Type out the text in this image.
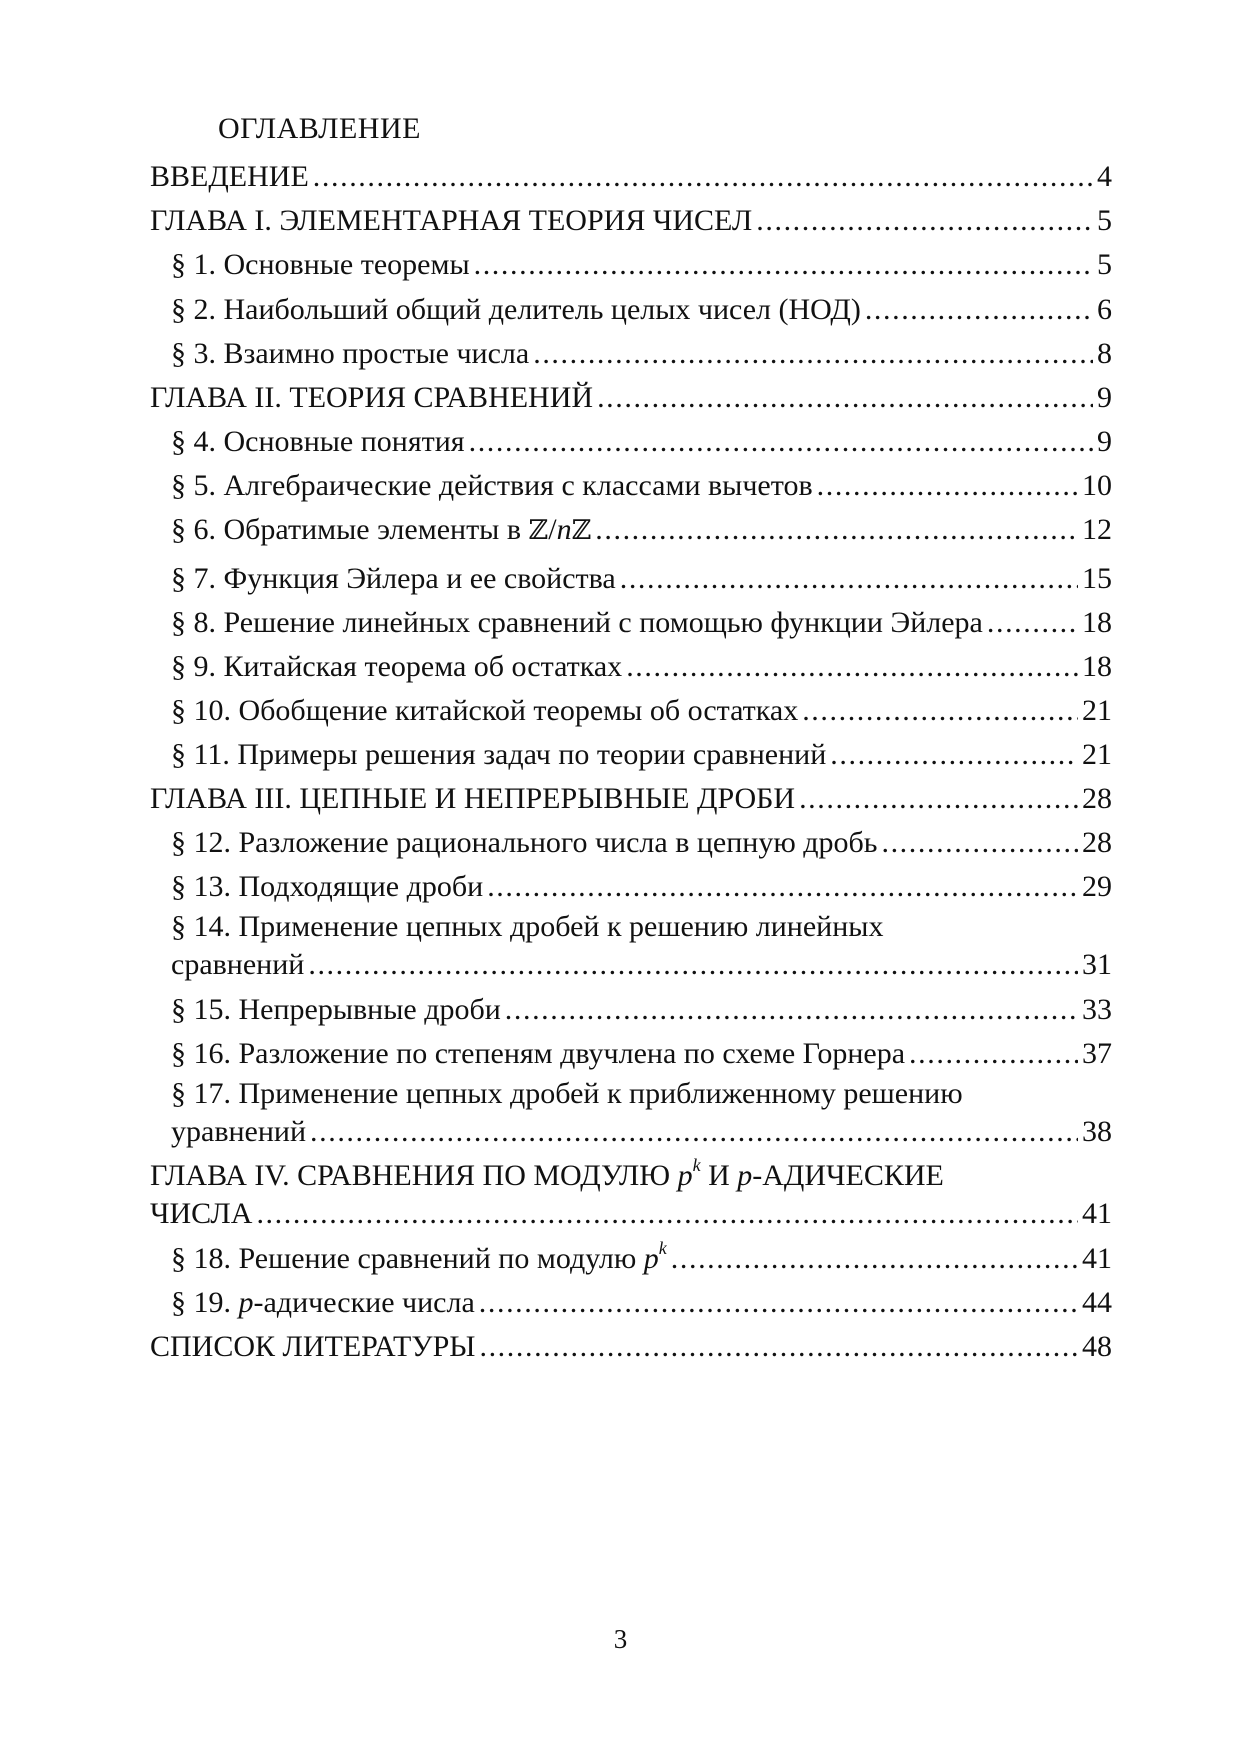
ОГЛАВЛЕНИЕ
ВВЕДЕНИЕ .....	4
ГЛАВА I. ЭЛЕМЕНТАРНАЯ ТЕОРИЯ ЧИСЕЛ .....	5
§ 1. Основные теоремы .....	5
§ 2. Наибольший общий делитель целых чисел (НОД) .....	6
§ 3. Взаимно простые числа .....	8
ГЛАВА II. ТЕОРИЯ СРАВНЕНИЙ .....	9
§ 4. Основные понятия .....	9
§ 5. Алгебраические действия с классами вычетов .....	10
§ 6. Обратимые элементы в ℤ/nℤ .....	12
§ 7. Функция Эйлера и ее свойства .....	15
§ 8. Решение линейных сравнений с помощью функции Эйлера .....	18
§ 9. Китайская теорема об остатках .....	18
§ 10. Обобщение китайской теоремы об остатках .....	21
§ 11. Примеры решения задач по теории сравнений .....	21
ГЛАВА III. ЦЕПНЫЕ И НЕПРЕРЫВНЫЕ ДРОБИ .....	28
§ 12. Разложение рационального числа в цепную дробь .....	28
§ 13. Подходящие дроби .....	29
§ 14. Применение цепных дробей к решению линейных
сравнений .....	31
§ 15. Непрерывные дроби .....	33
§ 16. Разложение по степеням двучлена по схеме Горнера .....	37
§ 17. Применение цепных дробей к приближенному решению
уравнений .....	38
ГЛАВА IV. СРАВНЕНИЯ ПО МОДУЛЮ $p^k$ И p-АДИЧЕСКИЕ
ЧИСЛА .....	41
§ 18. Решение сравнений по модулю $p^k$ .....	41
§ 19. p-адические числа .....	44
СПИСОК ЛИТЕРАТУРЫ .....	48
3
